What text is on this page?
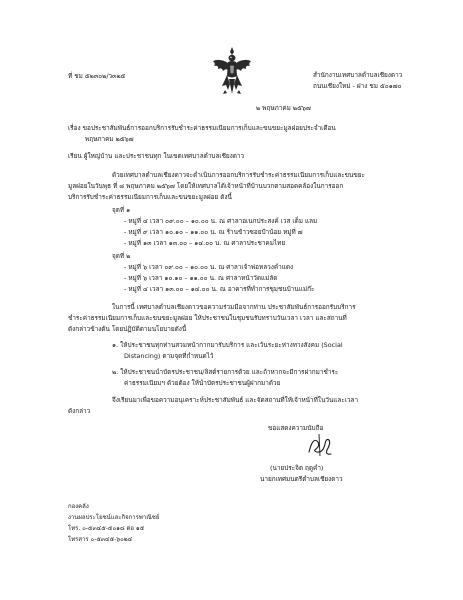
ที่ ชม ๕๒๓๐๒/ว๓๒๕	สำนักงานเทศบาลตำบลเชียงดาว
ถนนเชียงใหม่ - ฝาง ชม ๕๐๑๗๐
๒ พฤษภาคม ๒๕๖๗
เรื่อง ขอประชาสัมพันธ์การออกบริการรับชำระค่าธรรมเนียมการเก็บและขนขยะมูลฝอยประจำเดือน
พฤษภาคม ๒๕๖๗
เรียน ผู้ใหญ่บ้าน และประชาชนทุก ในเขตเทศบาลตำบลเชียงดาว
ด้วยเทศบาลตำบลเชียงดาวจะดำเนินการออกบริการรับชำระค่าธรรมเนียมการเก็บและขนขยะ
มูลฝอยในวันพุธ ที่ ๘ พฤษภาคม ๒๕๖๗ โดยให้เทศบาลได้เจ้าหน้าที่บ้านบวกตามสอดคล้องในการออก
บริการรับชำระค่าธรรมเนียมการเก็บและขนขยะมูลฝอย ดังนี้
จุดที่ ๑
- หมู่ที่ ๔ เวลา ๐๙.๐๐ – ๑๐.๐๐ น. ณ ศาลาอเนกประสงค์ เวส เต็ม แลม
- หมู่ที่ ๙ เวลา ๑๐.๑๐ – ๑๑.๐๐ น. ณ ร้านข้าวซอยป้าน้อย หมู่ที่ ๗
- หมู่ที่ ๑๓ เวลา ๑๓.๐๐ – ๑๔.๐๐ น. ณ ศาลาประชาคมไทย
จุดที่ ๒
- หมู่ที่ ๖ เวลา ๐๙.๐๐ – ๑๐.๐๐ น. ณ ศาลาเจ้าพ่อหลวงคำแดง
- หมู่ที่ ๖ เวลา ๑๐.๑๐ – ๑๑.๐๐ น. ณ ศาลาหน้าวัดแม่ลัด
- หมู่ที่ ๔ เวลา ๑๓.๐๐ – ๑๔.๐๐ น. ณ อาคารที่ทำการชุมชนบ้านแม่ก๊ะ
ในการนี้ เทศบาลตำบลเชียงดาวขอความร่วมมือจากท่าน ประชาสัมพันธ์การออกรับบริการ
ชำระค่าธรรมเนียมการเก็บและขนขยะมูลฝอย ให้ประชาชนในชุมชนรับทราบวันเวลา เวลา และสถานที่
ดังกล่าวข้างต้น โดยปฏิบัติตามนโยบายดังนี้
๑. ให้ประชาชนทุกท่านสวมหน้ากากมารับบริการ และเว้นระยะห่างทางสังคม (Social
Distancing) ตามจุดที่กำหนดไว้
๒. ให้ประชาชนนำบัตรประชาชน/ลิสต์รายการด้วย และถ้าหากจะมีการฝากมาชำระ
ค่าธรรมเนียมฯ ด้วยต้อง ให้นำบัตรประชาชนผู้ฝากมาด้วย
จึงเรียนมาเพื่อขอความอนุเคราะห์ประชาสัมพันธ์ และจัดสถานที่ให้เจ้าหน้าที่ในวันและเวลา
ดังกล่าว
ขอแสดงความนับถือ
(นายประจิต ฤดูคำ)
นายกเทศมนตรีตำบลเชียงดาว
กองคลัง
งานผลประโยชน์และกิจการพาณิชย์
โทร. ๐-๕๓๔๕-๕๐๑๘ ต่อ ๑๕
โทรสาร ๐-๕๓๔๕-๖๐๒๔
